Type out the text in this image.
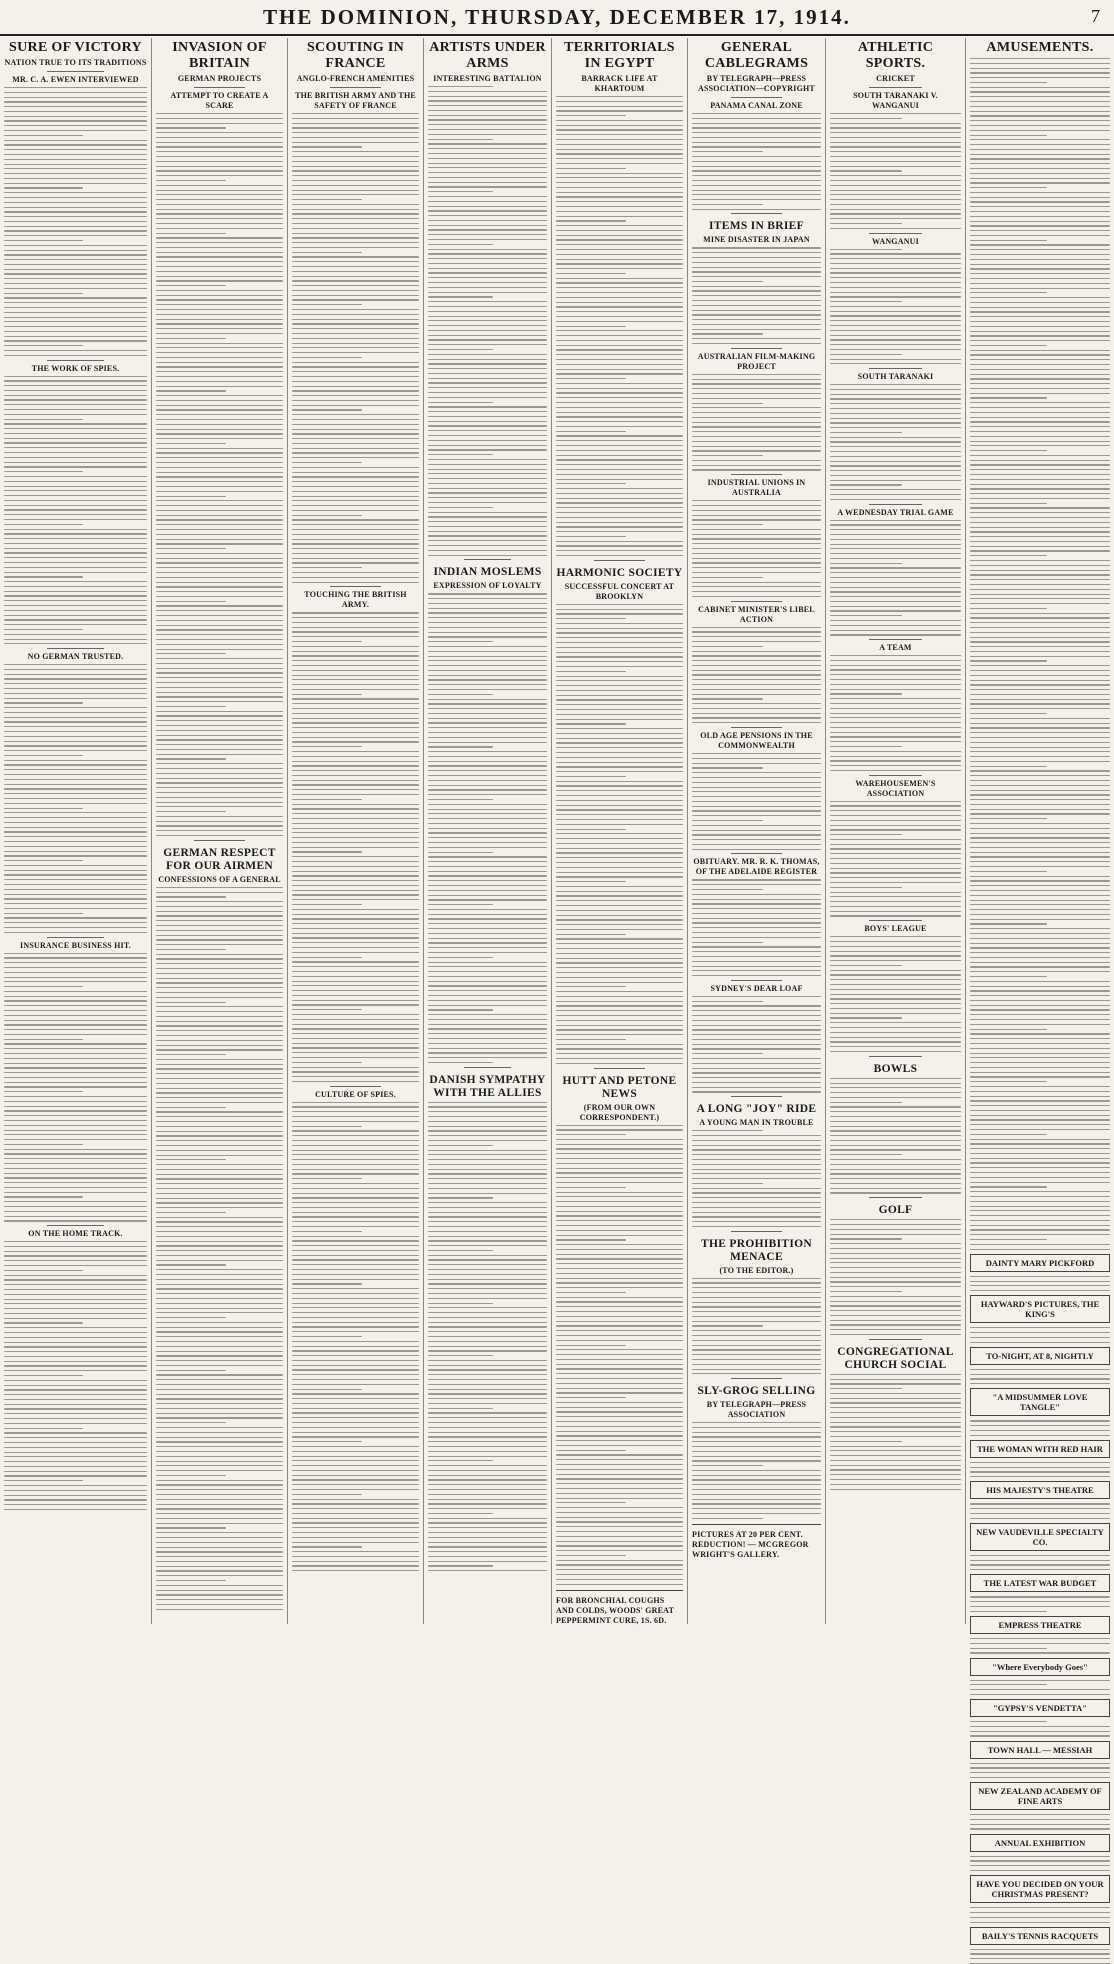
THE DOMINION, THURSDAY, DECEMBER 17, 1914.	7
SURE OF VICTORY
NATION TRUE TO ITS TRADITIONS
MR. C. A. EWEN INTERVIEWED
THE WORK OF SPIES.
NO GERMAN TRUSTED.
INSURANCE BUSINESS HIT.
ON THE HOME TRACK.
INVASION OF BRITAIN
GERMAN PROJECTS
ATTEMPT TO CREATE A SCARE
GERMAN RESPECT FOR OUR AIRMEN
CONFESSIONS OF A GENERAL
SCOUTING IN FRANCE
ANGLO-FRENCH AMENITIES
THE BRITISH ARMY AND THE SAFETY OF FRANCE
TOUCHING THE BRITISH ARMY.
CULTURE OF SPIES.
ARTISTS UNDER ARMS
INTERESTING BATTALION
INDIAN MOSLEMS
EXPRESSION OF LOYALTY
DANISH SYMPATHY WITH THE ALLIES
TERRITORIALS IN EGYPT
BARRACK LIFE AT KHARTOUM
HARMONIC SOCIETY
SUCCESSFUL CONCERT AT BROOKLYN
HUTT AND PETONE NEWS
(FROM OUR OWN CORRESPONDENT.)
FOR BRONCHIAL COUGHS AND COLDS, WOODS' GREAT PEPPERMINT CURE, 1S. 6D.
GENERAL CABLEGRAMS
BY TELEGRAPH—PRESS ASSOCIATION—COPYRIGHT
PANAMA CANAL ZONE
ITEMS IN BRIEF
MINE DISASTER IN JAPAN
AUSTRALIAN FILM-MAKING PROJECT
INDUSTRIAL UNIONS IN AUSTRALIA
CABINET MINISTER'S LIBEL ACTION
OLD AGE PENSIONS IN THE COMMONWEALTH
OBITUARY. MR. R. K. THOMAS, OF THE ADELAIDE REGISTER
SYDNEY'S DEAR LOAF
A LONG "JOY" RIDE
A YOUNG MAN IN TROUBLE
THE PROHIBITION MENACE
(TO THE EDITOR.)
SLY-GROG SELLING
BY TELEGRAPH—PRESS ASSOCIATION
PICTURES AT 20 PER CENT. REDUCTION! — MCGREGOR WRIGHT'S GALLERY.
ATHLETIC SPORTS.
CRICKET
SOUTH TARANAKI V. WANGANUI
WANGANUI
SOUTH TARANAKI
A WEDNESDAY TRIAL GAME
A TEAM
WAREHOUSEMEN'S ASSOCIATION
BOYS' LEAGUE
BOWLS
GOLF
CONGREGATIONAL CHURCH SOCIAL
AMUSEMENTS.
DAINTY MARY PICKFORD
HAYWARD'S PICTURES, THE KING'S
TO-NIGHT, AT 8, NIGHTLY
"A MIDSUMMER LOVE TANGLE"
THE WOMAN WITH RED HAIR
HIS MAJESTY'S THEATRE
NEW VAUDEVILLE SPECIALTY CO.
THE LATEST WAR BUDGET
EMPRESS THEATRE
"Where Everybody Goes"
"GYPSY'S VENDETTA"
TOWN HALL — MESSIAH
NEW ZEALAND ACADEMY OF FINE ARTS
ANNUAL EXHIBITION
HAVE YOU DECIDED ON YOUR CHRISTMAS PRESENT?
BAILY'S TENNIS RACQUETS
